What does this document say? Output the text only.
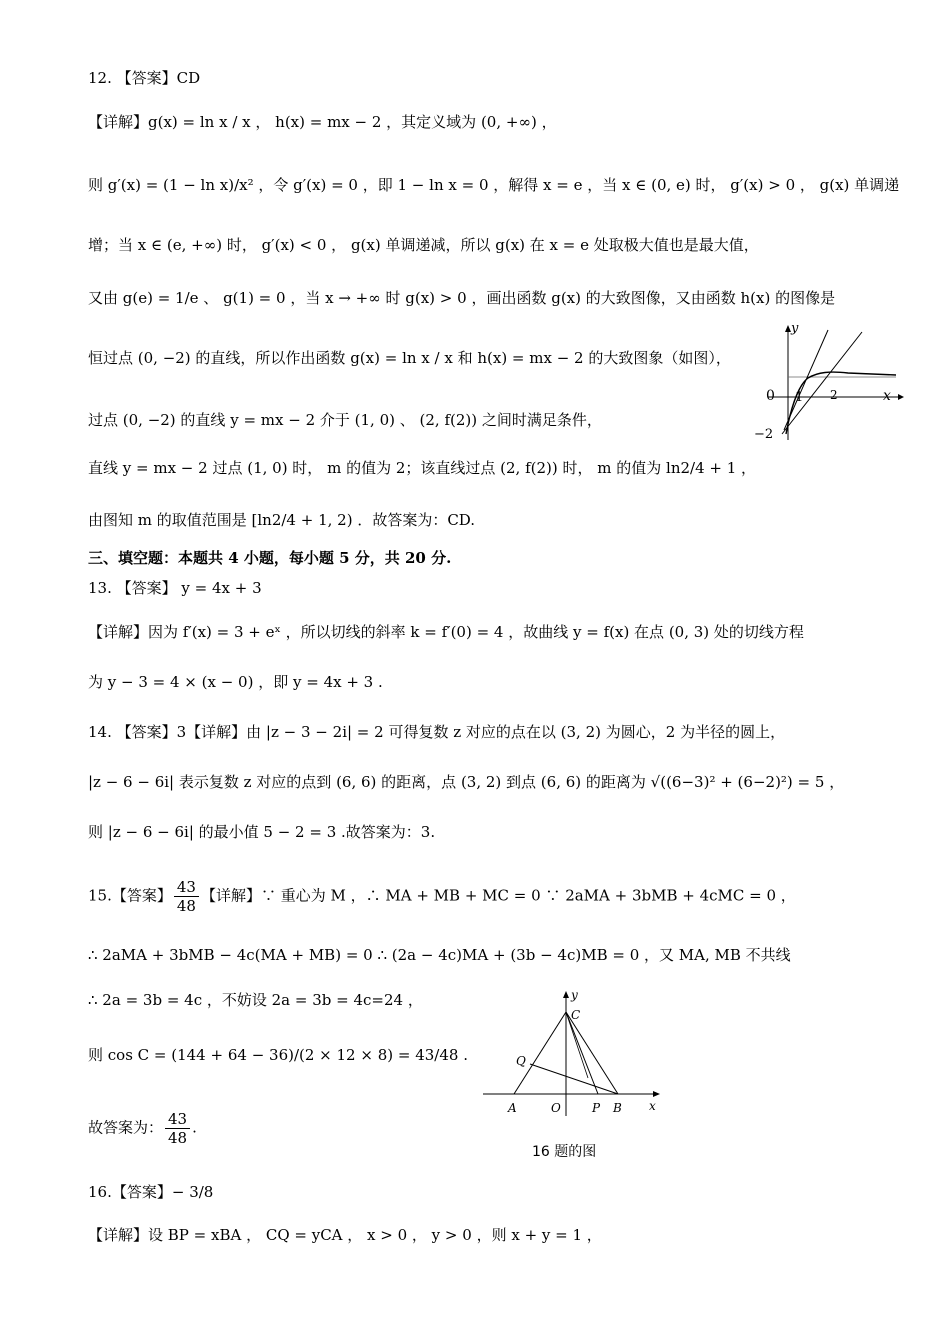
12. 【答案】CD
【详解】g(x) = ln x / x ， h(x) = mx − 2 ，其定义域为 (0, +∞) ，
则 g′(x) = (1 − ln x)/x² ，令 g′(x) = 0 ，即 1 − ln x = 0 ，解得 x = e ，当 x ∈ (0, e) 时， g′(x) > 0 ， g(x) 单调递
增；当 x ∈ (e, +∞) 时， g′(x) < 0 ， g(x) 单调递减，所以 g(x) 在 x = e 处取极大值也是最大值，
又由 g(e) = 1/e 、 g(1) = 0 ，当 x → +∞ 时 g(x) > 0 ，画出函数 g(x) 的大致图像，又由函数 h(x) 的图像是
恒过点 (0, −2) 的直线，所以作出函数 g(x) = ln x / x 和 h(x) = mx − 2 的大致图象（如图），
过点 (0, −2) 的直线 y = mx − 2 介于 (1, 0) 、 (2, f(2)) 之间时满足条件，
直线 y = mx − 2 过点 (1, 0) 时， m 的值为 2；该直线过点 (2, f(2)) 时， m 的值为 ln2/4 + 1 ，
由图知 m 的取值范围是 [ln2/4 + 1, 2) ．故答案为：CD.
y
x
0 1 2
−2
三、填空题：本题共 4 小题，每小题 5 分，共 20 分.
13. 【答案】 y = 4x + 3
【详解】因为 f′(x) = 3 + eˣ ，所以切线的斜率 k = f′(0) = 4 ，故曲线 y = f(x) 在点 (0, 3) 处的切线方程
为 y − 3 = 4 × (x − 0) ，即 y = 4x + 3 .
14. 【答案】3【详解】由 |z − 3 − 2i| = 2 可得复数 z 对应的点在以 (3, 2) 为圆心，2 为半径的圆上，
|z − 6 − 6i| 表示复数 z 对应的点到 (6, 6) 的距离，点 (3, 2) 到点 (6, 6) 的距离为 √((6−3)² + (6−2)²) = 5 ，
则 |z − 6 − 6i| 的最小值 5 − 2 = 3 .故答案为：3.
15.【答案】 $\frac{43}{48}$ 【详解】∵ 重心为 M ，∴ MA + MB + MC = 0 ∵ 2aMA + 3bMB + 4cMC = 0 ，
∴ 2aMA + 3bMB − 4c(MA + MB) = 0 ∴ (2a − 4c)MA + (3b − 4c)MB = 0 ，又 MA, MB 不共线
∴ 2a = 3b = 4c ，不妨设 2a = 3b = 4c=24 ，
则 cos C = (144 + 64 − 36)/(2 × 12 × 8) = 43/48 .
故答案为： $\frac{43}{48}$ .
y
x
C
Q
A	O	P B
16 题的图
16.【答案】− 3/8
【详解】设 BP = xBA ， CQ = yCA ， x > 0 ， y > 0 ，则 x + y = 1 ，
